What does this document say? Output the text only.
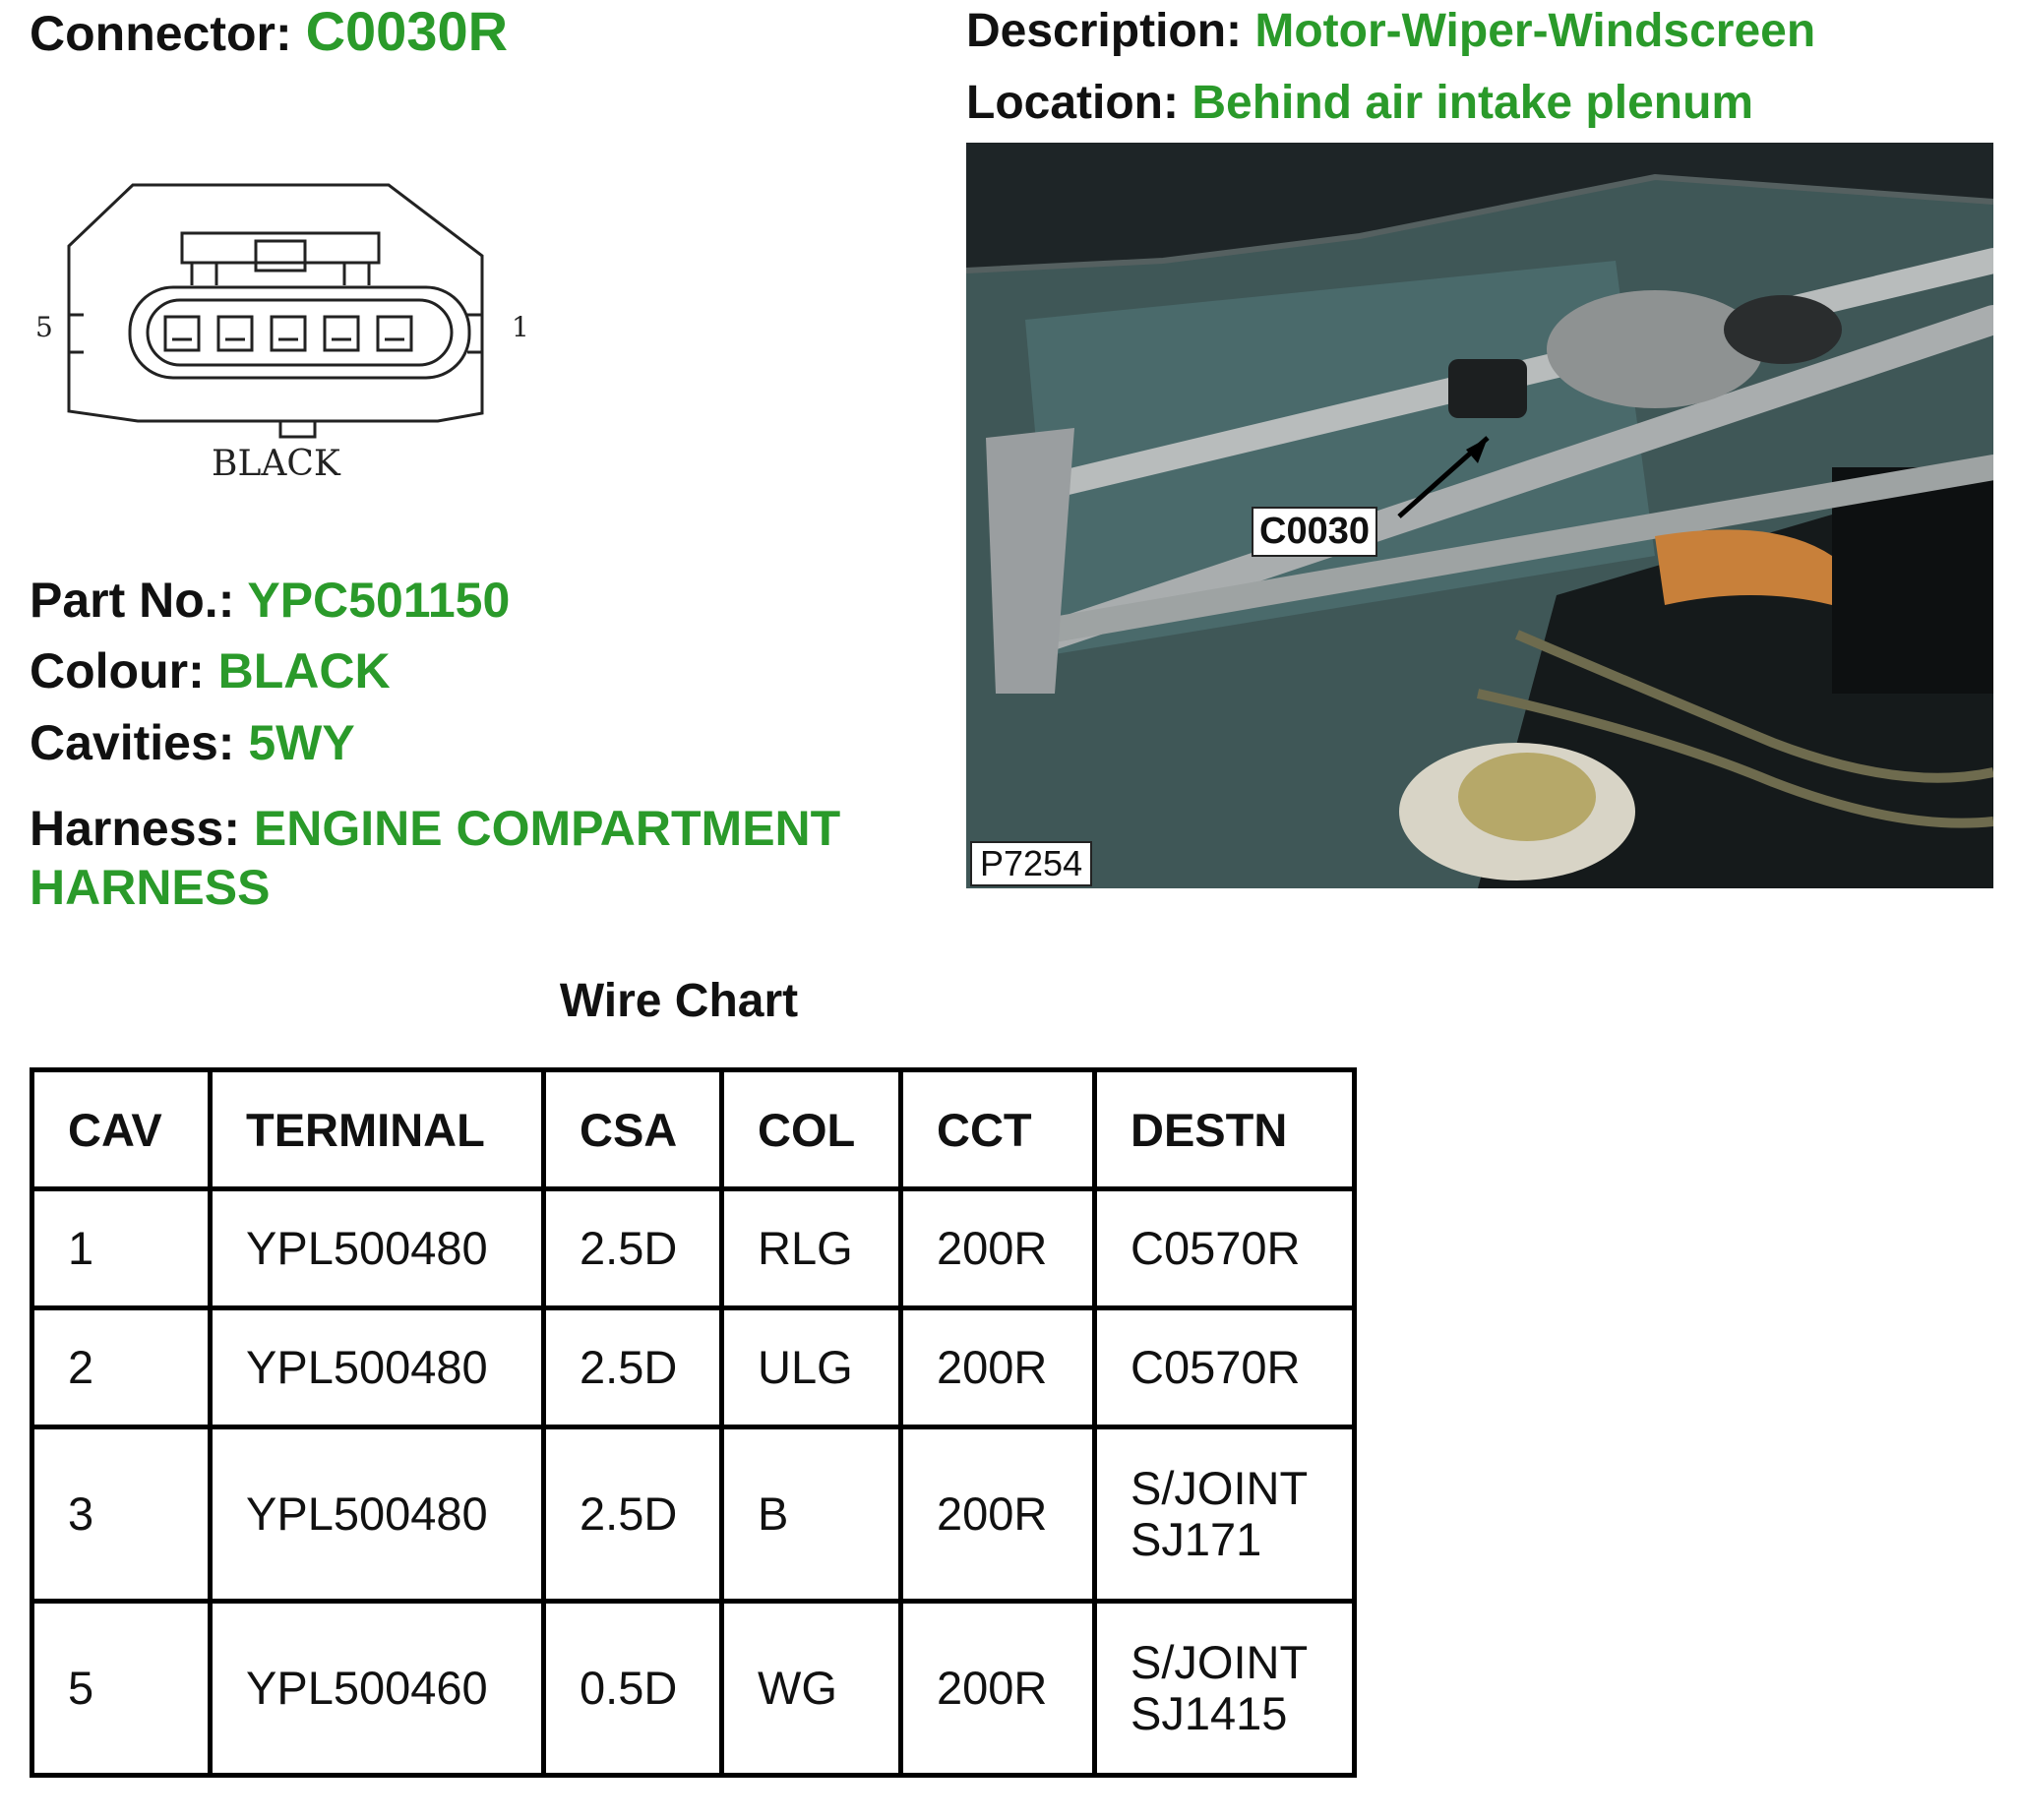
Connector: C0030R	Description: Motor-Wiper-Windscreen
Location: Behind air intake plenum
5	1
BLACK
C0030
P7254
Part No.: YPC501150
Colour: BLACK
Cavities: 5WY
Harness: ENGINE COMPARTMENT HARNESS
Wire Chart
CAV	TERMINAL	CSA	COL	CCT	DESTN
1	YPL500480	2.5D	RLG	200R	C0570R
2	YPL500480	2.5D	ULG	200R	C0570R
3	YPL500480	2.5D	B	200R	S/JOINT SJ171
5	YPL500460	0.5D	WG	200R	S/JOINT SJ1415
